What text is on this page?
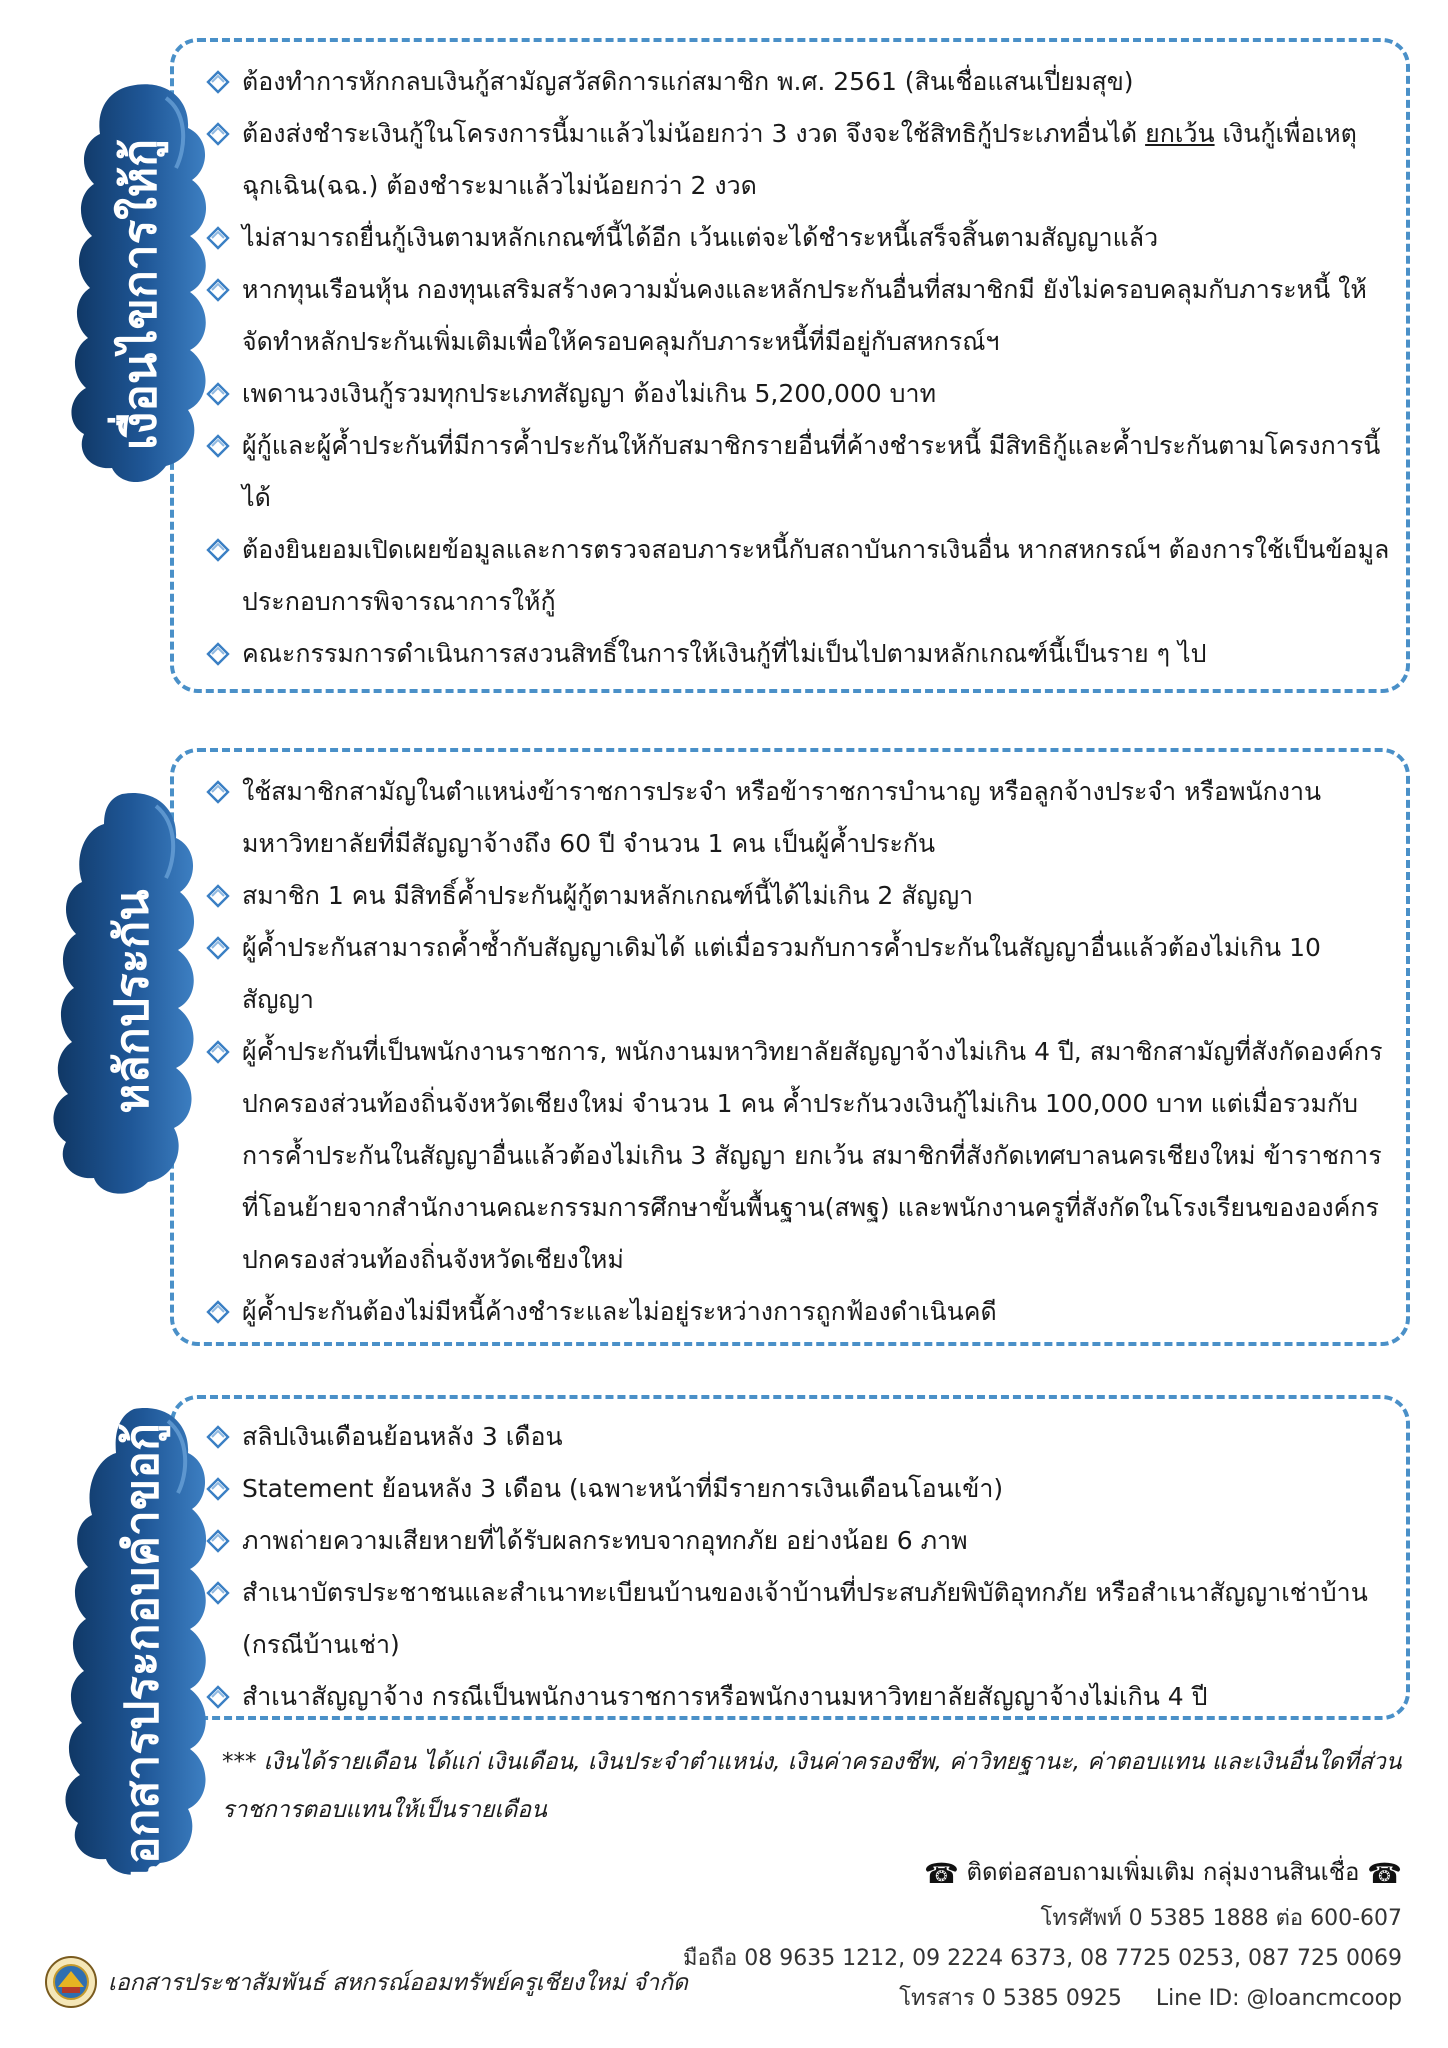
ต้องทำการหักกลบเงินกู้สามัญสวัสดิการแก่สมาชิก พ.ศ. 2561 (สินเชื่อแสนเปี่ยมสุข)
ต้องส่งชำระเงินกู้ในโครงการนี้มาแล้วไม่น้อยกว่า 3 งวด จึงจะใช้สิทธิกู้ประเภทอื่นได้ ยกเว้น เงินกู้เพื่อเหตุฉุกเฉิน(ฉฉ.) ต้องชำระมาแล้วไม่น้อยกว่า 2 งวด
ไม่สามารถยื่นกู้เงินตามหลักเกณฑ์นี้ได้อีก เว้นแต่จะได้ชำระหนี้เสร็จสิ้นตามสัญญาแล้ว
หากทุนเรือนหุ้น กองทุนเสริมสร้างความมั่นคงและหลักประกันอื่นที่สมาชิกมี ยังไม่ครอบคลุมกับภาระหนี้ ให้จัดทำหลักประกันเพิ่มเติมเพื่อให้ครอบคลุมกับภาระหนี้ที่มีอยู่กับสหกรณ์ฯ
เพดานวงเงินกู้รวมทุกประเภทสัญญา ต้องไม่เกิน 5,200,000 บาท
ผู้กู้และผู้ค้ำประกันที่มีการค้ำประกันให้กับสมาชิกรายอื่นที่ค้างชำระหนี้ มีสิทธิกู้และค้ำประกันตามโครงการนี้ได้
ต้องยินยอมเปิดเผยข้อมูลและการตรวจสอบภาระหนี้กับสถาบันการเงินอื่น หากสหกรณ์ฯ ต้องการใช้เป็นข้อมูลประกอบการพิจารณาการให้กู้
คณะกรรมการดำเนินการสงวนสิทธิ์ในการให้เงินกู้ที่ไม่เป็นไปตามหลักเกณฑ์นี้เป็นราย ๆ ไป
ใช้สมาชิกสามัญในตำแหน่งข้าราชการประจำ หรือข้าราชการบำนาญ หรือลูกจ้างประจำ หรือพนักงานมหาวิทยาลัยที่มีสัญญาจ้างถึง 60 ปี จำนวน 1 คน เป็นผู้ค้ำประกัน
สมาชิก 1 คน มีสิทธิ์ค้ำประกันผู้กู้ตามหลักเกณฑ์นี้ได้ไม่เกิน 2 สัญญา
ผู้ค้ำประกันสามารถค้ำซ้ำกับสัญญาเดิมได้ แต่เมื่อรวมกับการค้ำประกันในสัญญาอื่นแล้วต้องไม่เกิน 10 สัญญา
ผู้ค้ำประกันที่เป็นพนักงานราชการ, พนักงานมหาวิทยาลัยสัญญาจ้างไม่เกิน 4 ปี, สมาชิกสามัญที่สังกัดองค์กรปกครองส่วนท้องถิ่นจังหวัดเชียงใหม่ จำนวน 1 คน ค้ำประกันวงเงินกู้ไม่เกิน 100,000 บาท แต่เมื่อรวมกับการค้ำประกันในสัญญาอื่นแล้วต้องไม่เกิน 3 สัญญา ยกเว้น สมาชิกที่สังกัดเทศบาลนครเชียงใหม่ ข้าราชการที่โอนย้ายจากสำนักงานคณะกรรมการศึกษาขั้นพื้นฐาน(สพฐ) และพนักงานครูที่สังกัดในโรงเรียนขององค์กรปกครองส่วนท้องถิ่นจังหวัดเชียงใหม่
ผู้ค้ำประกันต้องไม่มีหนี้ค้างชำระและไม่อยู่ระหว่างการถูกฟ้องดำเนินคดี
สลิปเงินเดือนย้อนหลัง 3 เดือน
Statement ย้อนหลัง 3 เดือน (เฉพาะหน้าที่มีรายการเงินเดือนโอนเข้า)
ภาพถ่ายความเสียหายที่ได้รับผลกระทบจากอุทกภัย อย่างน้อย 6 ภาพ
สำเนาบัตรประชาชนและสำเนาทะเบียนบ้านของเจ้าบ้านที่ประสบภัยพิบัติอุทกภัย หรือสำเนาสัญญาเช่าบ้าน (กรณีบ้านเช่า)
สำเนาสัญญาจ้าง กรณีเป็นพนักงานราชการหรือพนักงานมหาวิทยาลัยสัญญาจ้างไม่เกิน 4 ปี
เงื่อนไขการให้กู้
หลักประกัน
เอกสารประกอบคำขอกู้	*** เงินได้รายเดือน ได้แก่ เงินเดือน, เงินประจำตำแหน่ง, เงินค่าครองชีพ, ค่าวิทยฐานะ, ค่าตอบแทน และเงินอื่นใดที่ส่วนราชการตอบแทนให้เป็นรายเดือน
☎ ติดต่อสอบถามเพิ่มเติม กลุ่มงานสินเชื่อ ☎
โทรศัพท์ 0 5385 1888 ต่อ 600-607
มือถือ 08 9635 1212, 09 2224 6373, 08 7725 0253, 087 725 0069
โทรสาร 0 5385 0925 Line ID: @loancmcoop
เอกสารประชาสัมพันธ์ สหกรณ์ออมทรัพย์ครูเชียงใหม่ จำกัด
